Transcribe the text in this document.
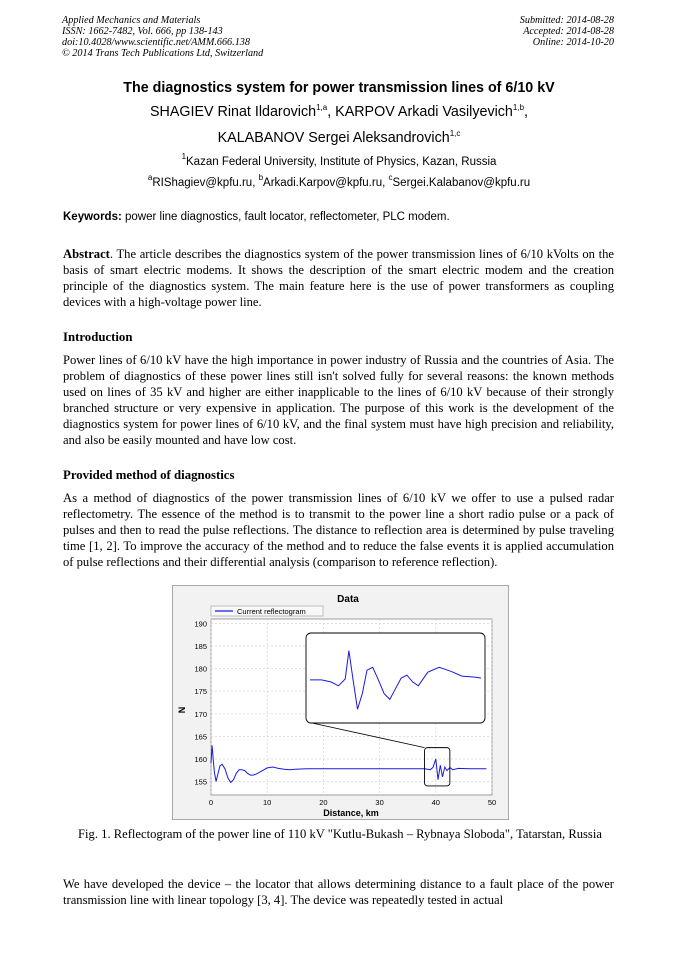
Applied Mechanics and Materials
ISSN: 1662-7482, Vol. 666, pp 138-143
doi:10.4028/www.scientific.net/AMM.666.138
© 2014 Trans Tech Publications Ltd, Switzerland
Submitted: 2014-08-28
Accepted: 2014-08-28
Online: 2014-10-20
The diagnostics system for power transmission lines of 6/10 kV
SHAGIEV Rinat Ildarovich$^{1,a}$, KARPOV Arkadi Vasilyevich$^{1,b}$,
KALABANOV Sergei Aleksandrovich$^{1,c}$
$^1$Kazan Federal University, Institute of Physics, Kazan, Russia
$^a$RIShagiev@kpfu.ru, $^b$Arkadi.Karpov@kpfu.ru, $^c$Sergei.Kalabanov@kpfu.ru
Keywords: power line diagnostics, fault locator, reflectometer, PLC modem.

Abstract. The article describes the diagnostics system of the power transmission lines of 6/10 kVolts on the basis of smart electric modems. It shows the description of the smart electric modem and the creation principle of the diagnostics system. The main feature here is the use of power transformers as coupling devices with a high-voltage power line.

Introduction

Power lines of 6/10 kV have the high importance in power industry of Russia and the countries of Asia. The problem of diagnostics of these power lines still isn't solved fully for several reasons: the known methods used on lines of 35 kV and higher are either inapplicable to the lines of 6/10 kV because of their strongly branched structure or very expensive in application. The purpose of this work is the development of the diagnostics system for power lines of 6/10 kV, and the final system must have high precision and reliability, and also be easily mounted and have low cost.

Provided method of diagnostics

As a method of diagnostics of the power transmission lines of 6/10 kV we offer to use a pulsed radar reflectometry. The essence of the method is to transmit to the power line a short radio pulse or a pack of pulses and then to read the pulse reflections. The distance to reflection area is determined by pulse traveling time [1, 2]. To improve the accuracy of the method and to reduce the false events it is applied accumulation of pulse reflections and their differential analysis (comparison to reference reflection).

Data
155
160
165
170
175
180
185
190
0	10	20	30	40	50
N
Distance, km
Current reflectogram
Fig. 1. Reflectogram of the power line of 110 kV "Kutlu-Bukash – Rybnaya Sloboda", Tatarstan, Russia

We have developed the device – the locator that allows determining distance to a fault place of the power transmission line with linear topology [3, 4]. The device was repeatedly tested in actual
